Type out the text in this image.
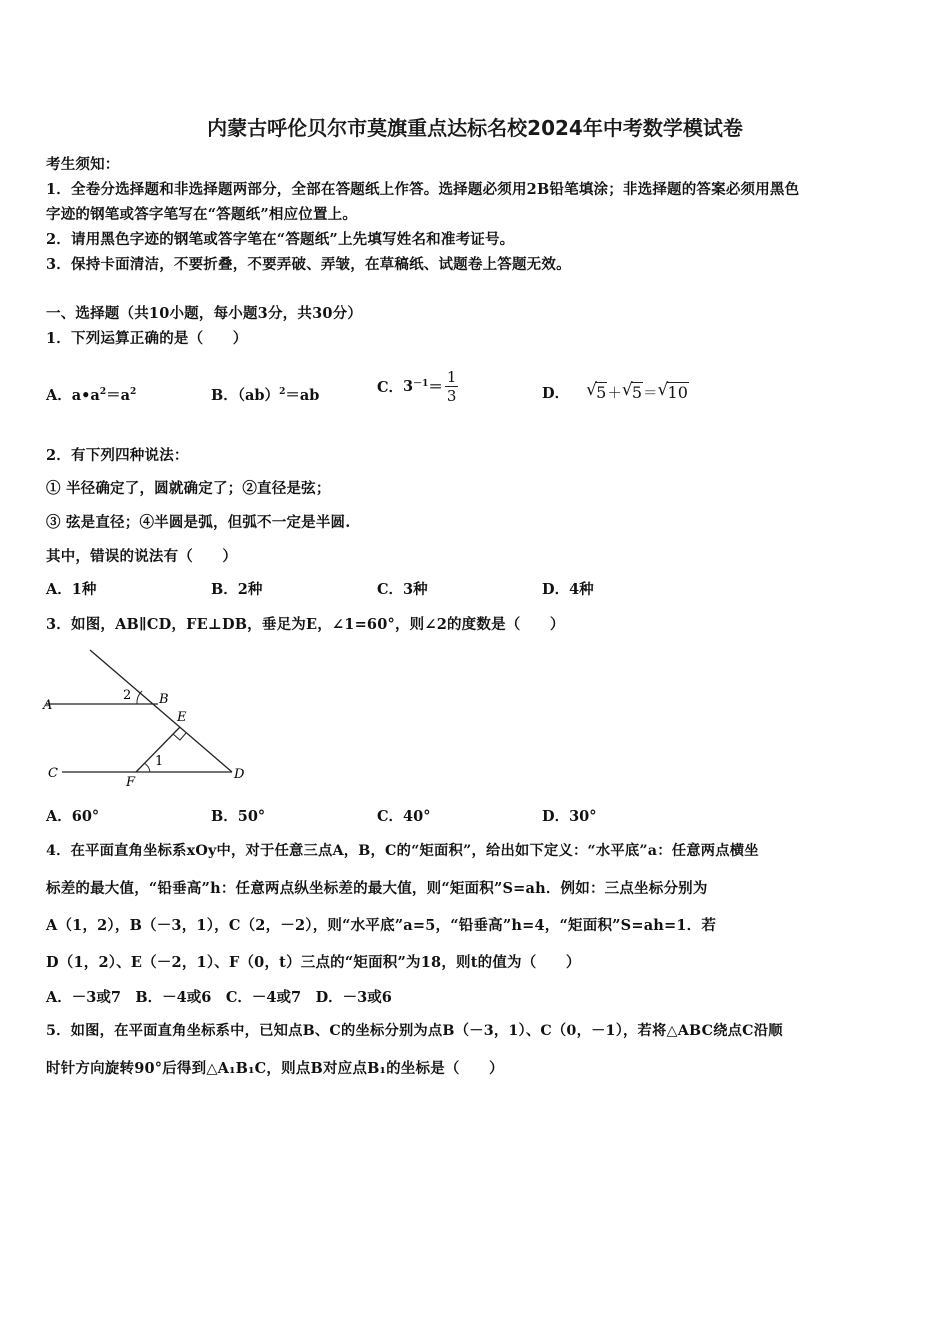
内蒙古呼伦贝尔市莫旗重点达标名校2024年中考数学模试卷
考生须知：
1．全卷分选择题和非选择题两部分，全部在答题纸上作答。选择题必须用2B铅笔填涂；非选择题的答案必须用黑色
字迹的钢笔或答字笔写在“答题纸”相应位置上。
2．请用黑色字迹的钢笔或答字笔在“答题纸”上先填写姓名和准考证号。
3．保持卡面清洁，不要折叠，不要弄破、弄皱，在草稿纸、试题卷上答题无效。
一、选择题（共10小题，每小题3分，共30分）
1．下列运算正确的是（　　）
A．$a•a^2=a^2$	B．（ab）$^2$＝ab	C． $3^{-1} = \frac{1}{3}$	D． √ 5＋ √ 5＝ √ 10
2．有下列四种说法：
① 半径确定了，圆就确定了；②直径是弦；
③ 弦是直径；④半圆是弧，但弧不一定是半圆.
其中，错误的说法有（　　）
A．1种	B．2种	C．3种	D．4种
3．如图，AB∥CD，FE⊥DB，垂足为E，∠1=60°，则∠2的度数是（　　）
A	B
C	D
E
F
1
2
A．60°	B．50°	C．40°	D．30°
4．在平面直角坐标系xOy中，对于任意三点A，B，C的“矩面积”，给出如下定义：“水平底”a：任意两点横坐
标差的最大值，“铅垂高”h：任意两点纵坐标差的最大值，则“矩面积”S=ah．例如：三点坐标分别为
A（1，2），B（－3，1），C（2，－2），则“水平底”a=5，“铅垂高”h=4，“矩面积”S=ah=1．若
D（1，2）、E（－2，1）、F（0，t）三点的“矩面积”为18，则t的值为（　　）
A．－3或7　B．－4或6　C．－4或7　D．－3或6
5．如图，在平面直角坐标系中，已知点B、C的坐标分别为点B（－3，1）、C（0，－1），若将△ABC绕点C沿顺
时针方向旋转90°后得到△A₁B₁C，则点B对应点B₁的坐标是（　　）
